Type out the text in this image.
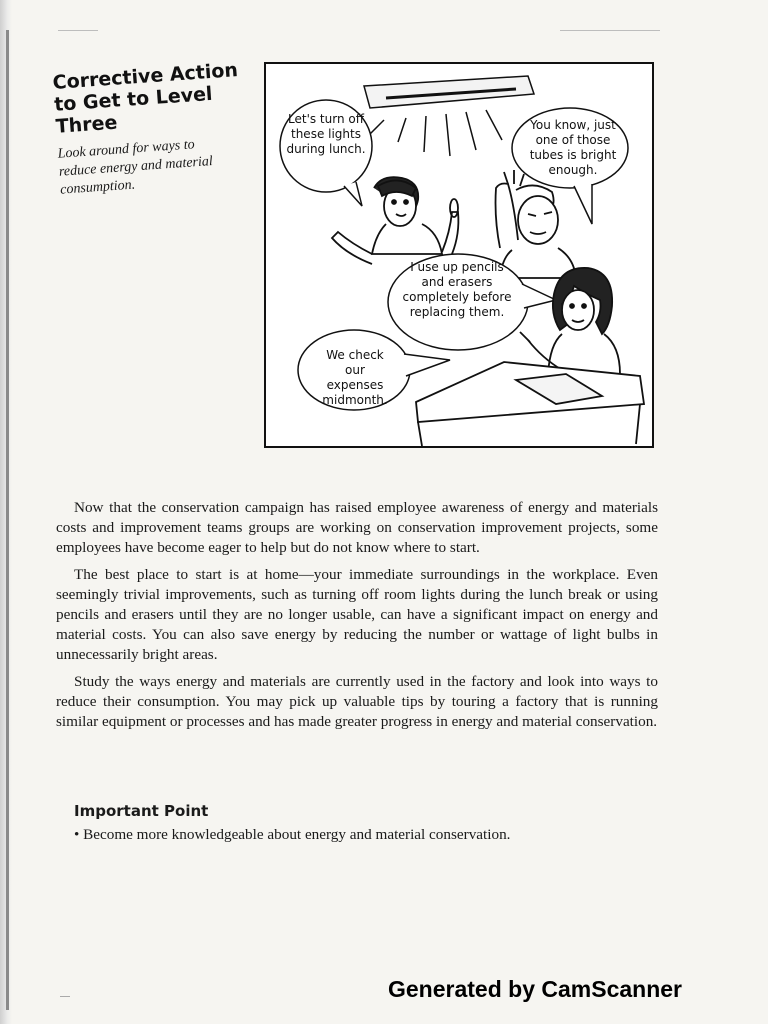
Corrective Action to Get to Level Three
Look around for ways to reduce energy and material consumption.
Let's turn off these lights during lunch.
You know, just one of those tubes is bright enough.
I use up pencils and erasers completely before replacing them.
We check our expenses midmonth.

Now that the conservation campaign has raised employee awareness of energy and materials costs and improvement teams groups are working on conservation improvement projects, some employees have become eager to help but do not know where to start.

The best place to start is at home—your immediate surroundings in the workplace. Even seemingly trivial improvements, such as turning off room lights during the lunch break or using pencils and erasers until they are no longer usable, can have a significant impact on energy and material costs. You can also save energy by reducing the number or wattage of light bulbs in unnecessarily bright areas.

Study the ways energy and materials are currently used in the factory and look into ways to reduce their consumption. You may pick up valuable tips by touring a factory that is running similar equipment or processes and has made greater progress in energy and material conservation.

Important Point
• Become more knowledgeable about energy and material conservation.
Generated by CamScanner
